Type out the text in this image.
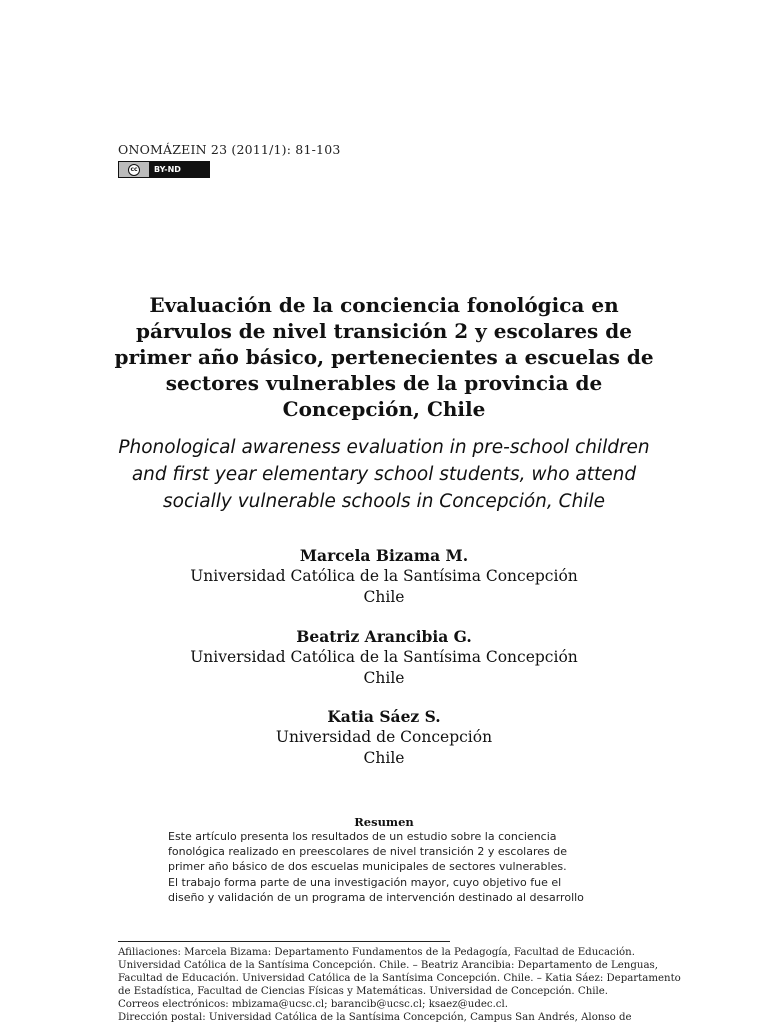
ONOMÁZEIN 23 (2011/1): 81-103
cc	BY-ND
Evaluación de la conciencia fonológica en
párvulos de nivel transición 2 y escolares de
primer año básico, pertenecientes a escuelas de
sectores vulnerables de la provincia de
Concepción, Chile
Phonological awareness evaluation in pre-school children
and first year elementary school students, who attend
socially vulnerable schools in Concepción, Chile
Marcela Bizama M.
Universidad Católica de la Santísima Concepción
Chile
Beatriz Arancibia G.
Universidad Católica de la Santísima Concepción
Chile
Katia Sáez S.
Universidad de Concepción
Chile
Resumen
Este artículo presenta los resultados de un estudio sobre la conciencia
fonológica realizado en preescolares de nivel transición 2 y escolares de
primer año básico de dos escuelas municipales de sectores vulnerables.
El trabajo forma parte de una investigación mayor, cuyo objetivo fue el
diseño y validación de un programa de intervención destinado al desarrollo
Afiliaciones: Marcela Bizama: Departamento Fundamentos de la Pedagogía, Facultad de Educación.
Universidad Católica de la Santísima Concepción. Chile. – Beatriz Arancibia: Departamento de Lenguas,
Facultad de Educación. Universidad Católica de la Santísima Concepción. Chile. – Katia Sáez: Departamento
de Estadística, Facultad de Ciencias Físicas y Matemáticas. Universidad de Concepción. Chile.
Correos electrónicos: mbizama@ucsc.cl; barancib@ucsc.cl; ksaez@udec.cl.
Dirección postal: Universidad Católica de la Santísima Concepción, Campus San Andrés, Alonso de
